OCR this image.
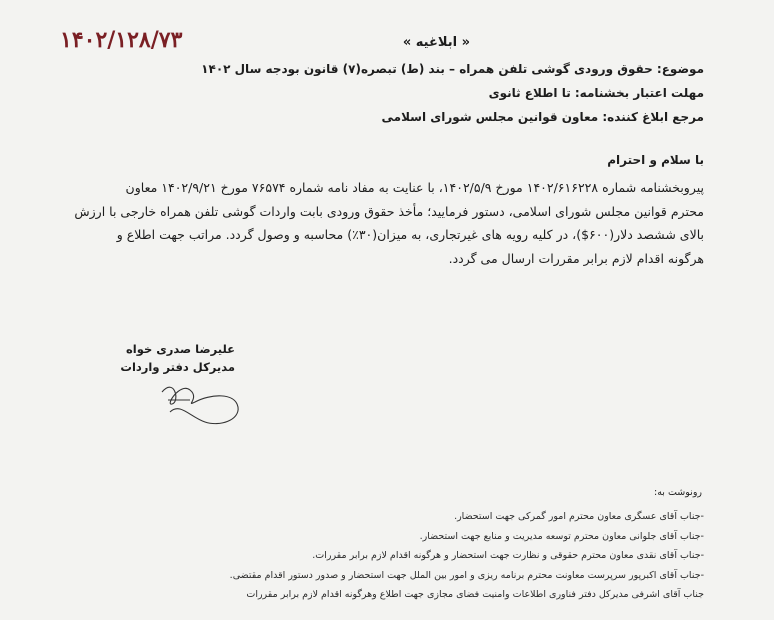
۱۴۰۲/۱۲۸/۷۳	« ابلاغیه »
موضوع: حقوق ورودی گوشی تلفن همراه – بند (ط) تبصره(۷) قانون بودجه سال ۱۴۰۲
مهلت اعتبار بخشنامه: تا اطلاع ثانوی
مرجع ابلاغ کننده: معاون قوانین مجلس شورای اسلامی
با سلام و احترام
پیروبخشنامه شماره ۱۴۰۲/۶۱۶۲۲۸ مورخ ۱۴۰۲/۵/۹، با عنایت به مفاد نامه شماره ۷۶۵۷۴ مورخ ۱۴۰۲/۹/۲۱ معاون
محترم قوانین مجلس شورای اسلامی، دستور فرمایید؛ مأخذ حقوق ورودی بابت واردات گوشی تلفن همراه خارجی با ارزش
بالای ششصد دلار(۶۰۰$)، در کلیه رویه های غیرتجاری، به میزان(۳۰٪) محاسبه و وصول گردد. مراتب جهت اطلاع و
هرگونه اقدام لازم برابر مقررات ارسال می گردد.
علیرضا صدری خواه
مدیرکل دفتر واردات
رونوشت به:
-جناب آقای عسگری معاون محترم امور گمرکی جهت استحضار.
-جناب آقای جلوانی معاون محترم توسعه مدیریت و منابع جهت استحضار.
-جناب آقای نقدی معاون محترم حقوقی و نظارت جهت استحضار و هرگونه اقدام لازم برابر مقررات.
-جناب آقای اکبرپور سرپرست معاونت محترم برنامه ریزی و امور بین الملل جهت استحضار و صدور دستور اقدام مقتضی.
جناب آقای اشرفی مدیرکل دفتر فناوری اطلاعات وامنیت فضای مجازی جهت اطلاع وهرگونه اقدام لازم برابر مقررات
